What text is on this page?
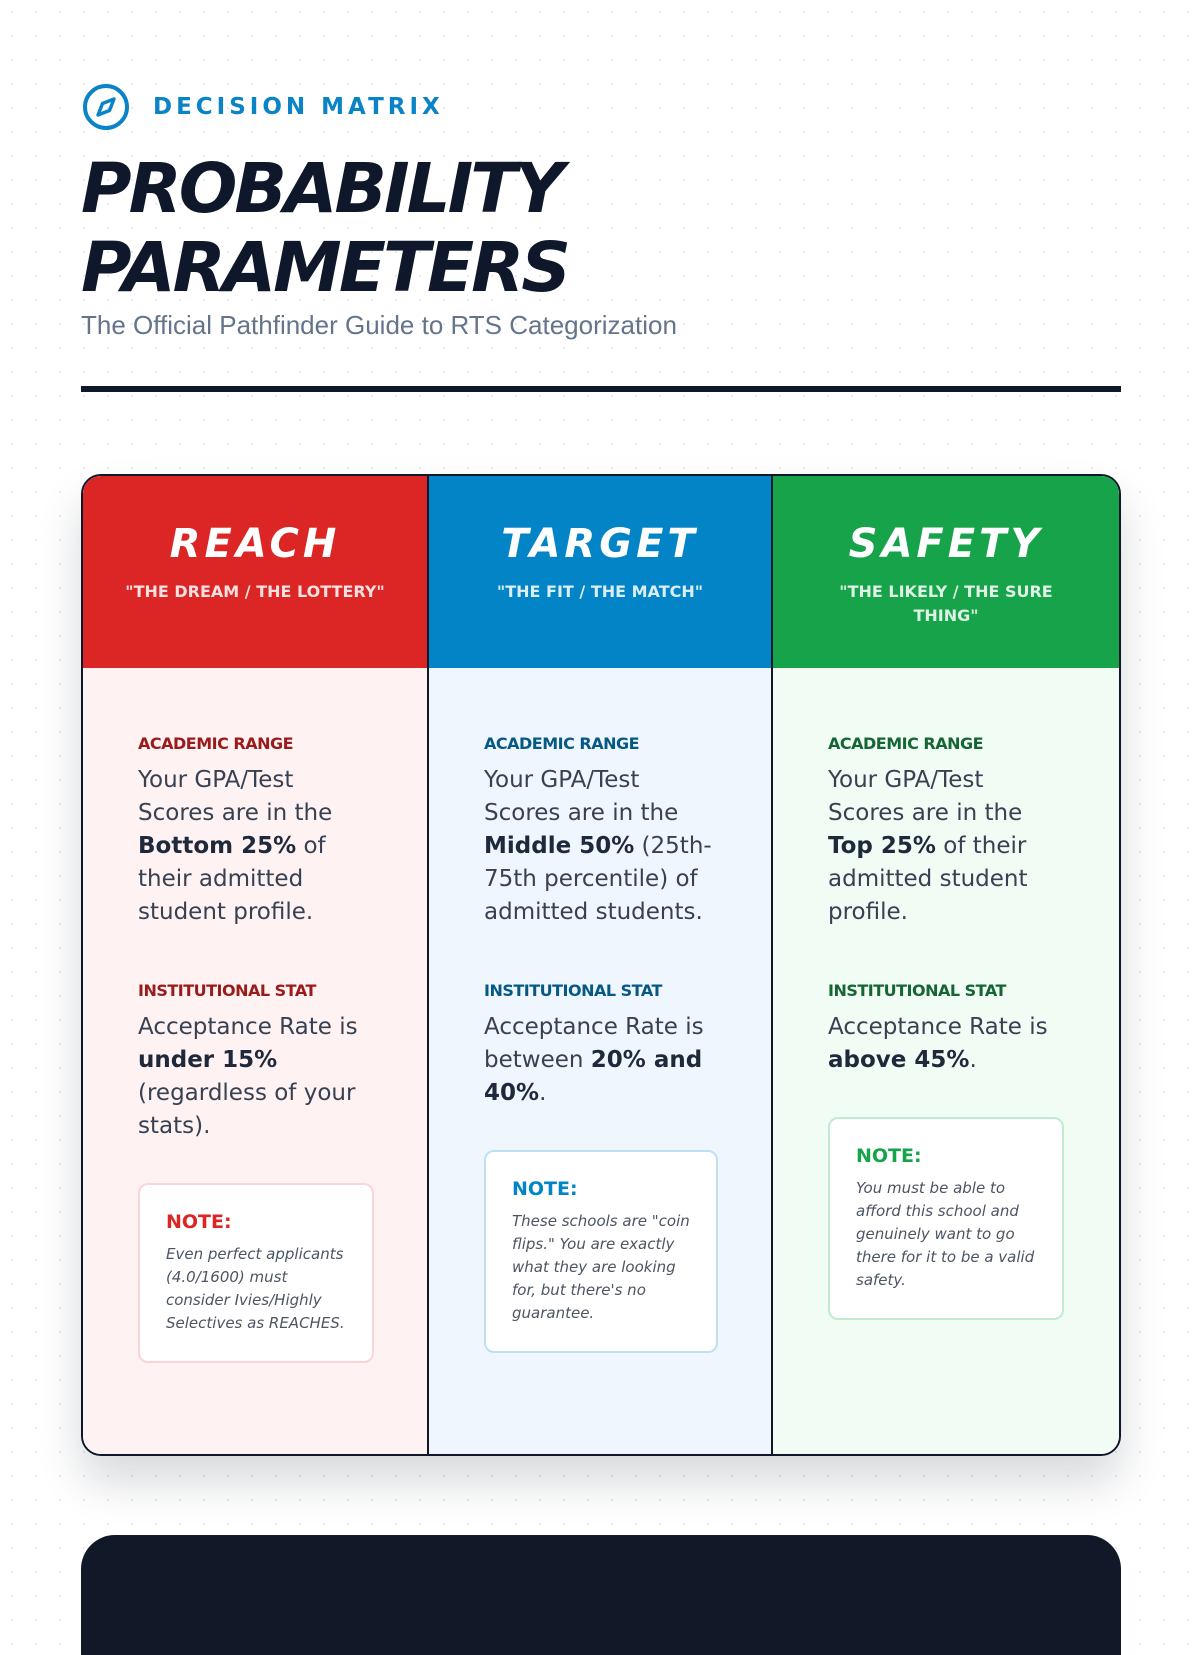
DECISION MATRIX
PROBABILITY
PARAMETERS

The Official Pathfinder Guide to RTS Categorization

REACH
"THE DREAM / THE LOTTERY"

ACADEMIC RANGE

Your GPA/Test Scores are in the Bottom 25% of their admitted student profile.

INSTITUTIONAL STAT

Acceptance Rate is under 15% (regardless of your stats).

NOTE:

Even perfect applicants (4.0/1600) must consider Ivies/Highly Selectives as REACHES.

TARGET
"THE FIT / THE MATCH"

ACADEMIC RANGE

Your GPA/Test Scores are in the Middle 50% (25th-75th percentile) of admitted students.

INSTITUTIONAL STAT

Acceptance Rate is between 20% and 40%.

NOTE:

These schools are "coin flips." You are exactly what they are looking for, but there's no guarantee.

SAFETY
"THE LIKELY / THE SURE THING"

ACADEMIC RANGE

Your GPA/Test Scores are in the Top 25% of their admitted student profile.

INSTITUTIONAL STAT

Acceptance Rate is above 45%.

NOTE:

You must be able to afford this school and genuinely want to go there for it to be a valid safety.
